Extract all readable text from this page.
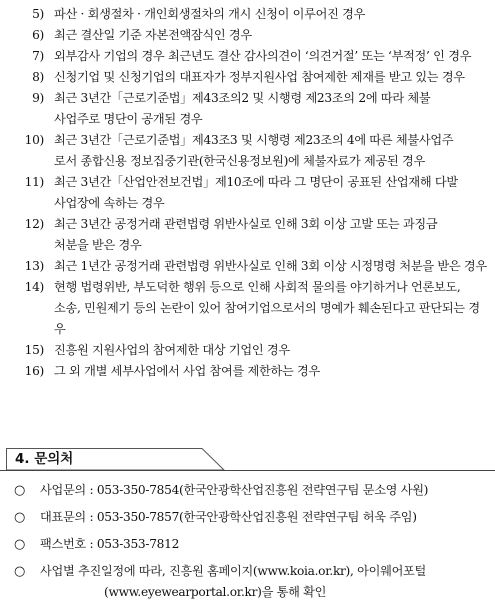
5) 파산 · 회생절차 · 개인회생절차의 개시 신청이 이루어진 경우
6) 최근 결산일 기준 자본전액잠식인 경우
7) 외부감사 기업의 경우 최근년도 결산 감사의견이 ‘의견거절’ 또는 ‘부적정’ 인 경우
8) 신청기업 및 신청기업의 대표자가 정부지원사업 참여제한 제재를 받고 있는 경우
9) 최근 3년간「근로기준법」제43조의2 및 시행령 제23조의 2에 따라 체불
사업주로 명단이 공개된 경우
10) 최근 3년간「근로기준법」제43조3 및 시행령 제23조의 4에 따른 체불사업주
로서 종합신용 정보집중기관(한국신용정보원)에 체불자료가 제공된 경우
11) 최근 3년간「산업안전보건법」제10조에 따라 그 명단이 공표된 산업재해 다발
사업장에 속하는 경우
12) 최근 3년간 공정거래 관련법령 위반사실로 인해 3회 이상 고발 또는 과징금
처분을 받은 경우
13) 최근 1년간 공정거래 관련법령 위반사실로 인해 3회 이상 시정명령 처분을 받은 경우
14) 현행 법령위반, 부도덕한 행위 등으로 인해 사회적 물의를 야기하거나 언론보도,
소송, 민원제기 등의 논란이 있어 참여기업으로서의 명예가 훼손된다고 판단되는 경우
15) 진흥원 지원사업의 참여제한 대상 기업인 경우
16) 그 외 개별 세부사업에서 사업 참여를 제한하는 경우
4. 문의처
○ 사업문의 : 053-350-7854(한국안광학산업진흥원 전략연구팀 문소영 사원)
○ 대표문의 : 053-350-7857(한국안광학산업진흥원 전략연구팀 허욱 주임)
○ 팩스번호 : 053-353-7812
○ 사업별 추진일정에 따라, 진흥원 홈페이지(www.koia.or.kr), 아이웨어포털
(www.eyewearportal.or.kr)을 통해 확인
